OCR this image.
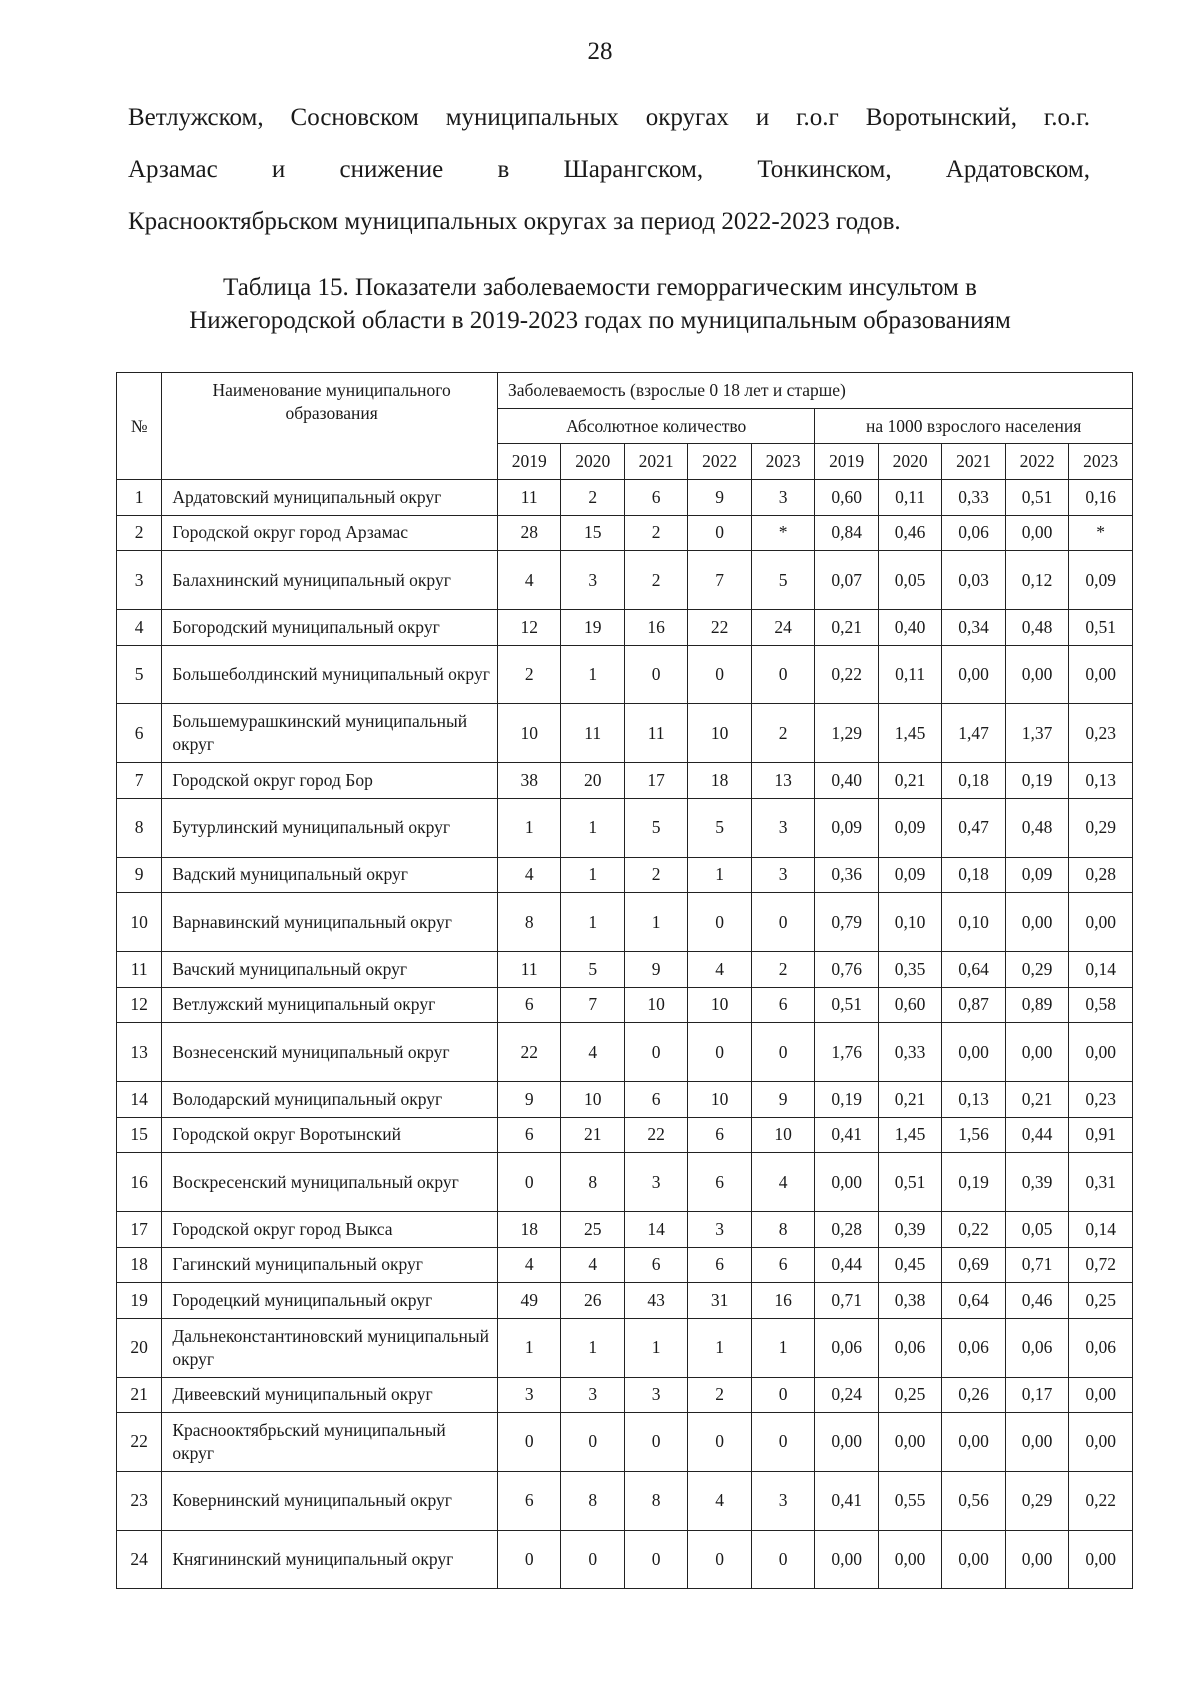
28
Ветлужском, Сосновском муниципальных округах и г.о.г Воротынский, г.о.г.
Арзамас и снижение в Шарангском, Тонкинском, Ардатовском,
Краснооктябрьском муниципальных округах за период 2022-2023 годов.
Таблица 15. Показатели заболеваемости геморрагическим инсультом в
Нижегородской области в 2019-2023 годах по муниципальным образованиям
№	Наименование муниципального образования	Заболеваемость (взрослые 0 18 лет и старше)									
		Абсолютное количество					на 1000 взрослого населения				
		2019	2020	2021	2022	2023	2019	2020	2021	2022	2023
1	Ардатовский муниципальный округ	11	2	6	9	3	0,60	0,11	0,33	0,51	0,16
2	Городской округ город Арзамас	28	15	2	0	*	0,84	0,46	0,06	0,00	*
3	Балахнинский муниципальный округ	4	3	2	7	5	0,07	0,05	0,03	0,12	0,09
4	Богородский муниципальный округ	12	19	16	22	24	0,21	0,40	0,34	0,48	0,51
5	Большеболдинский муниципальный округ	2	1	0	0	0	0,22	0,11	0,00	0,00	0,00
6	Большемурашкинский муниципальный округ	10	11	11	10	2	1,29	1,45	1,47	1,37	0,23
7	Городской округ город Бор	38	20	17	18	13	0,40	0,21	0,18	0,19	0,13
8	Бутурлинский муниципальный округ	1	1	5	5	3	0,09	0,09	0,47	0,48	0,29
9	Вадский муниципальный округ	4	1	2	1	3	0,36	0,09	0,18	0,09	0,28
10	Варнавинский муниципальный округ	8	1	1	0	0	0,79	0,10	0,10	0,00	0,00
11	Вачский муниципальный округ	11	5	9	4	2	0,76	0,35	0,64	0,29	0,14
12	Ветлужский муниципальный округ	6	7	10	10	6	0,51	0,60	0,87	0,89	0,58
13	Вознесенский муниципальный округ	22	4	0	0	0	1,76	0,33	0,00	0,00	0,00
14	Володарский муниципальный округ	9	10	6	10	9	0,19	0,21	0,13	0,21	0,23
15	Городской округ Воротынский	6	21	22	6	10	0,41	1,45	1,56	0,44	0,91
16	Воскресенский муниципальный округ	0	8	3	6	4	0,00	0,51	0,19	0,39	0,31
17	Городской округ город Выкса	18	25	14	3	8	0,28	0,39	0,22	0,05	0,14
18	Гагинский муниципальный округ	4	4	6	6	6	0,44	0,45	0,69	0,71	0,72
19	Городецкий муниципальный округ	49	26	43	31	16	0,71	0,38	0,64	0,46	0,25
20	Дальнеконстантиновский муниципальный округ	1	1	1	1	1	0,06	0,06	0,06	0,06	0,06
21	Дивеевский муниципальный округ	3	3	3	2	0	0,24	0,25	0,26	0,17	0,00
22	Краснооктябрьский муниципальный округ	0	0	0	0	0	0,00	0,00	0,00	0,00	0,00
23	Ковернинский муниципальный округ	6	8	8	4	3	0,41	0,55	0,56	0,29	0,22
24	Княгининский муниципальный округ	0	0	0	0	0	0,00	0,00	0,00	0,00	0,00
